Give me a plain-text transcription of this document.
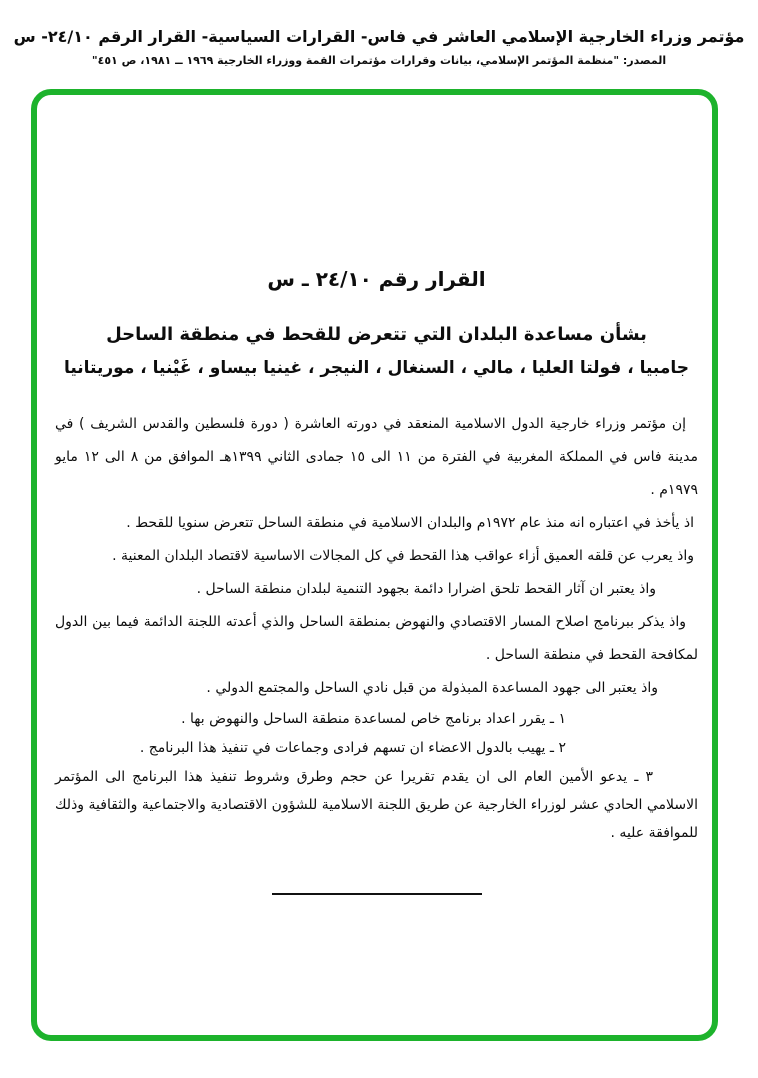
مؤتمر وزراء الخارجية الإسلامي العاشر في فاس- القرارات السياسية- القرار الرقم ٢٤/١٠- س
المصدر: "منظمة المؤتمر الإسلامي، بيانات وقرارات مؤتمرات القمة ووزراء الخارجية ١٩٦٩ ــ ١٩٨١، ص ٤٥١"
القرار رقم ٢٤/١٠ ـ س
بشأن مساعدة البلدان التي تتعرض للقحط في منطقة الساحل
جامبيا ، فولتا العليا ، مالي ، السنغال ، النيجر ، غينيا بيساو ، غَيْنيا ، موريتانيا

إن مؤتمر وزراء خارجية الدول الاسلامية المنعقد في دورته العاشرة ( دورة فلسطين والقدس الشريف ) في مدينة فاس في المملكة المغربية في الفترة من ١١ الى ١٥ جمادى الثاني ١٣٩٩هـ الموافق من ٨ الى ١٢ مايو ١٩٧٩م .

اذ يأخذ في اعتباره انه منذ عام ١٩٧٢م والبلدان الاسلامية في منطقة الساحل تتعرض سنويا للقحط .

واذ يعرب عن قلقه العميق أزاء عواقب هذا القحط في كل المجالات الاساسية لاقتصاد البلدان المعنية .

واذ يعتبر ان آثار القحط تلحق اضرارا دائمة بجهود التنمية لبلدان منطقة الساحل .

واذ يذكر ببرنامج اصلاح المسار الاقتصادي والنهوض بمنطقة الساحل والذي أعدته اللجنة الدائمة فيما بين الدول لمكافحة القحط في منطقة الساحل .

واذ يعتبر الى جهود المساعدة المبذولة من قبل نادي الساحل والمجتمع الدولي .

١ ـ يقرر اعداد برنامج خاص لمساعدة منطقة الساحل والنهوض بها .

٢ ـ يهيب بالدول الاعضاء ان تسهم فرادى وجماعات في تنفيذ هذا البرنامج .

٣ ـ يدعو الأمين العام الى ان يقدم تقريرا عن حجم وطرق وشروط تنفيذ هذا البرنامج الى المؤتمر الاسلامي الحادي عشر لوزراء الخارجية عن طريق اللجنة الاسلامية للشؤون الاقتصادية والاجتماعية والثقافية وذلك للموافقة عليه .
